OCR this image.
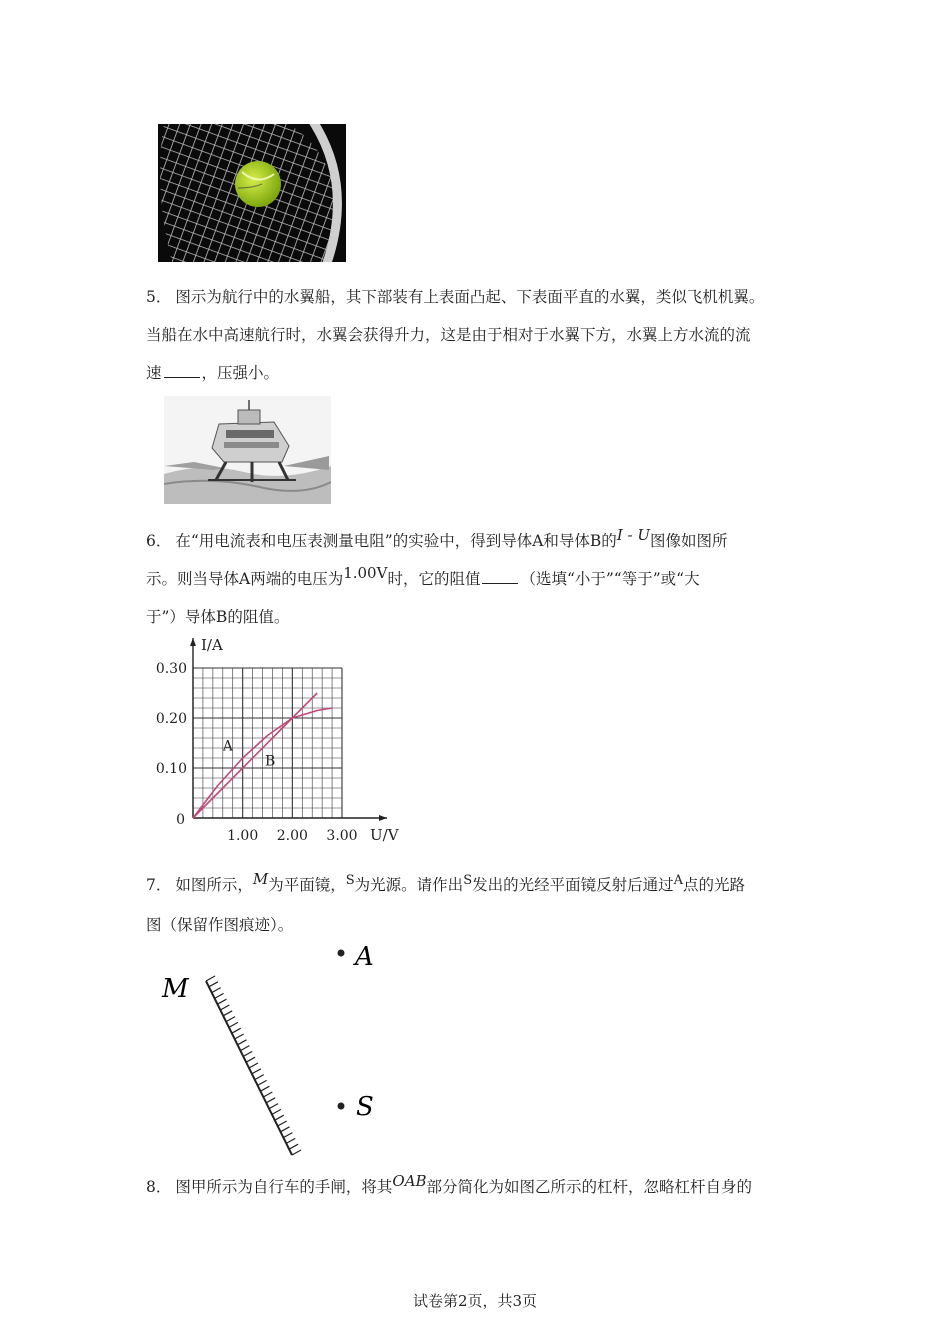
5． 图示为航行中的水翼船，其下部装有上表面凸起、下表面平直的水翼，类似飞机机翼。
当船在水中高速航行时，水翼会获得升力，这是由于相对于水翼下方，水翼上方水流的流
速	，压强小。
6． 在“用电流表和电压表测量电阻”的实验中，得到导体A和导体B的I - U图像如图所
示。则当导体A两端的电压为1.00V时，它的阻值	（选填“小于”“等于”或“大
于”）导体B的阻值。
0
1.00 2.00 3.00
0.10
0.20
0.30
I/A
U/V
A
B
7． 如图所示，M为平面镜，$^S$为光源。请作出$^S$发出的光经平面镜反射后通过$^A$点的光路
图（保留作图痕迹）。
M
A
S
8． 图甲所示为自行车的手闸，将其OAB部分简化为如图乙所示的杠杆，忽略杠杆自身的
试卷第2页，共3页
